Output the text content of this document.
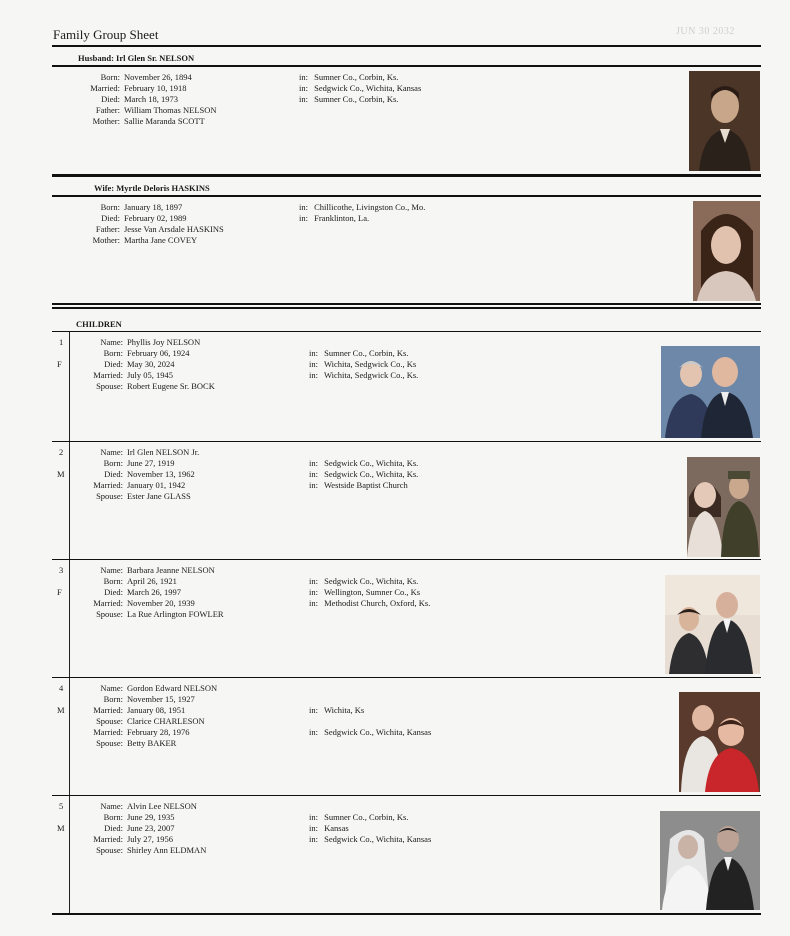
Family Group Sheet	JUN 30 2032
Husband: Irl Glen Sr. NELSON
Born: November 26, 1894
Married: February 10, 1918
Died: March 18, 1973
Father: William Thomas NELSON
Mother: Sallie Maranda SCOTT
in: Sumner Co., Corbin, Ks.
in: Sedgwick Co., Wichita, Kansas
in: Sumner Co., Corbin, Ks.

Wife: Myrtle Deloris HASKINS
Born: January 18, 1897
Died: February 02, 1989
Father: Jesse Van Arsdale HASKINS
Mother: Martha Jane COVEY
in: Chillicothe, Livingston Co., Mo.
in: Franklinton, La.

CHILDREN
1
F
Name: Phyllis Joy NELSON
Born: February 06, 1924
Died: May 30, 2024
Married: July 05, 1945
Spouse: Robert Eugene Sr. BOCK

in: Sumner Co., Corbin, Ks.
in: Wichita, Sedgwick Co., Ks
in: Wichita, Sedgwick Co., Ks.

2
M
Name: Irl Glen NELSON Jr.
Born: June 27, 1919
Died: November 13, 1962
Married: January 01, 1942
Spouse: Ester Jane GLASS

in: Sedgwick Co., Wichita, Ks.
in: Sedgwick Co., Wichita, Ks.
in: Westside Baptist Church

3
F
Name: Barbara Jeanne NELSON
Born: April 26, 1921
Died: March 26, 1997
Married: November 20, 1939
Spouse: La Rue Arlington FOWLER

in: Sedgwick Co., Wichita, Ks.
in: Wellington, Sumner Co., Ks
in: Methodist Church, Oxford, Ks.

4
M
Name: Gordon Edward NELSON
Born: November 15, 1927
Married: January 08, 1951
Spouse: Clarice CHARLESON
Married: February 28, 1976
Spouse: Betty BAKER

in: Wichita, Ks

in: Sedgwick Co., Wichita, Kansas

5
M
Name: Alvin Lee NELSON
Born: June 29, 1935
Died: June 23, 2007
Married: July 27, 1956
Spouse: Shirley Ann ELDMAN

in: Sumner Co., Corbin, Ks.
in: Kansas
in: Sedgwick Co., Wichita, Kansas
